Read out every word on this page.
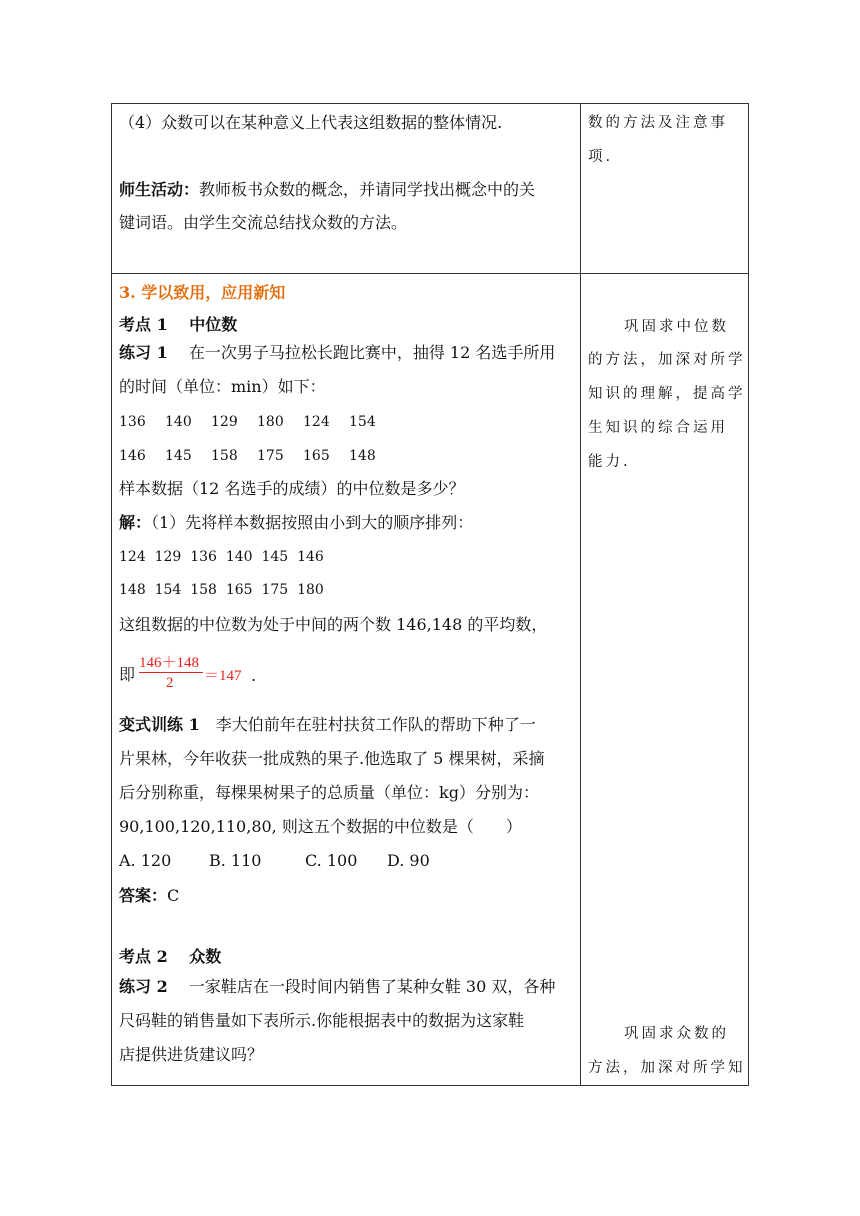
（4）众数可以在某种意义上代表这组数据的整体情况.
师生活动：教师板书众数的概念，并请同学找出概念中的关
键词语。由学生交流总结找众数的方法。
数的方法及注意事
项.
3. 学以致用，应用新知
考点 1　 中位数
练习 1　 在一次男子马拉松长跑比赛中，抽得 12 名选手所用
的时间（单位：min）如下：
136 140 129 180 124 154
146 145 158 175 165 148
样本数据（12 名选手的成绩）的中位数是多少？
解：（1）先将样本数据按照由小到大的顺序排列：
124  129  136  140  145  146
148  154  158  165  175  180
这组数据的中位数为处于中间的两个数 146,148 的平均数，
即
146＋148
2 ＝147 .
变式训练 1　 李大伯前年在驻村扶贫工作队的帮助下种了一
片果林，今年收获一批成熟的果子.他选取了 5 棵果树，采摘
后分别称重，每棵果树果子的总质量（单位：kg）分别为：
90,100,120,110,80, 则这五个数据的中位数是（　　）
A. 120 B. 110	C. 100 D. 90
答案：C
考点 2　 众数
练习 2　 一家鞋店在一段时间内销售了某种女鞋 30 双，各种
尺码鞋的销售量如下表所示.你能根据表中的数据为这家鞋
店提供进货建议吗？
巩固求中位数
的方法，加深对所学
知识的理解，提高学
生知识的综合运用
能力.
巩固求众数的
方法，加深对所学知
